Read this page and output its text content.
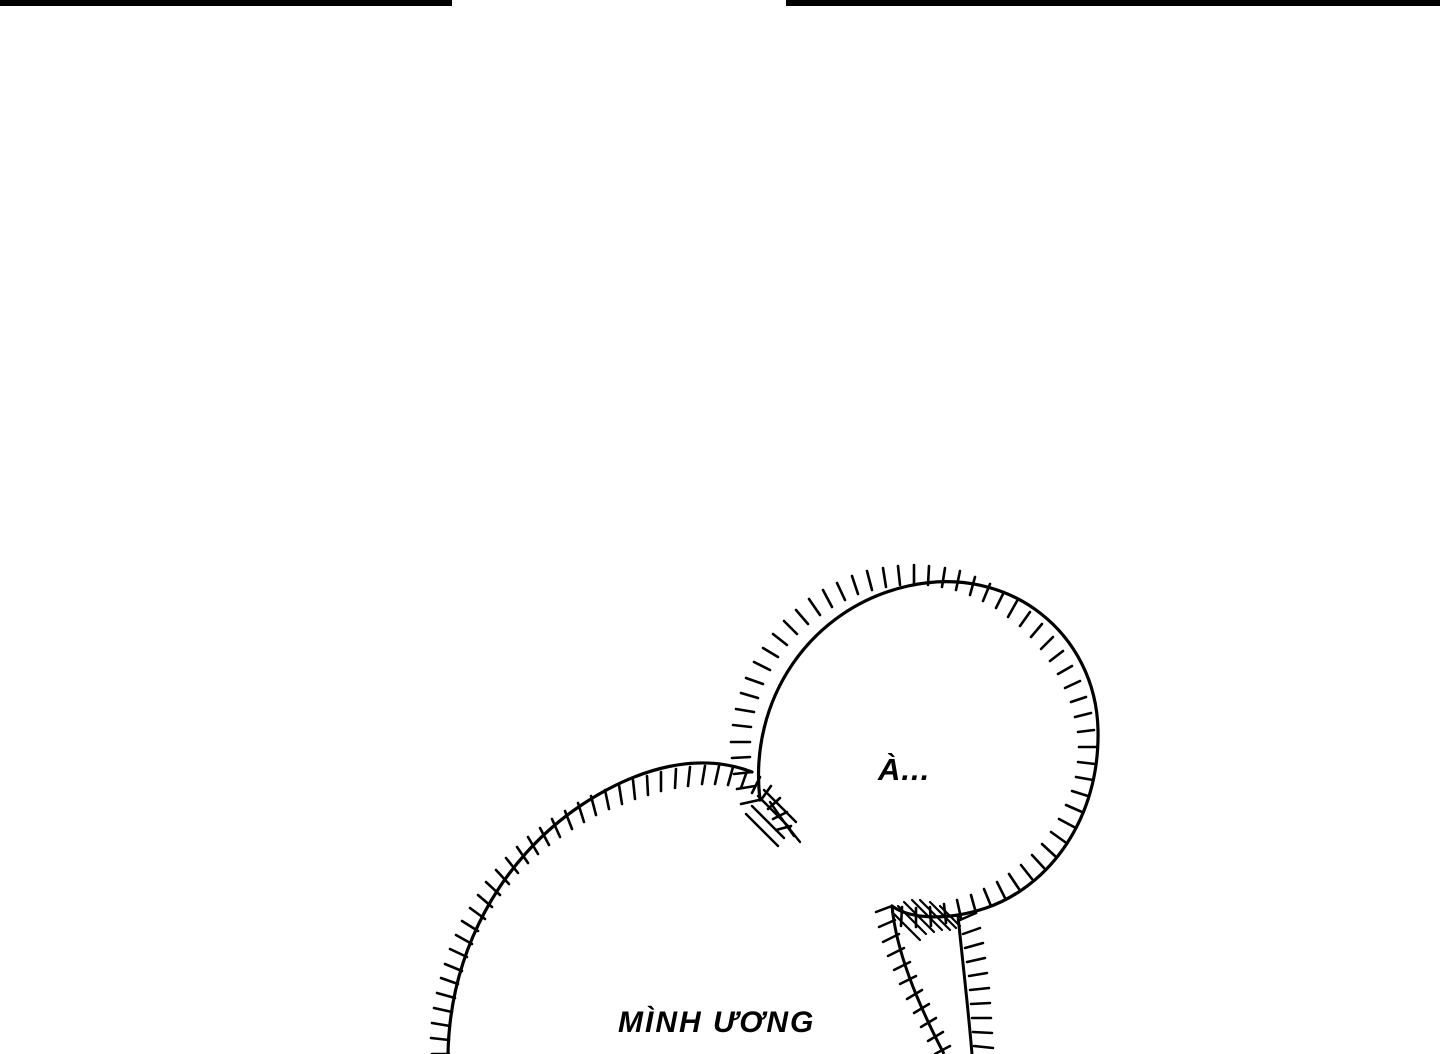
À...
MÌNH ƯƠNG
